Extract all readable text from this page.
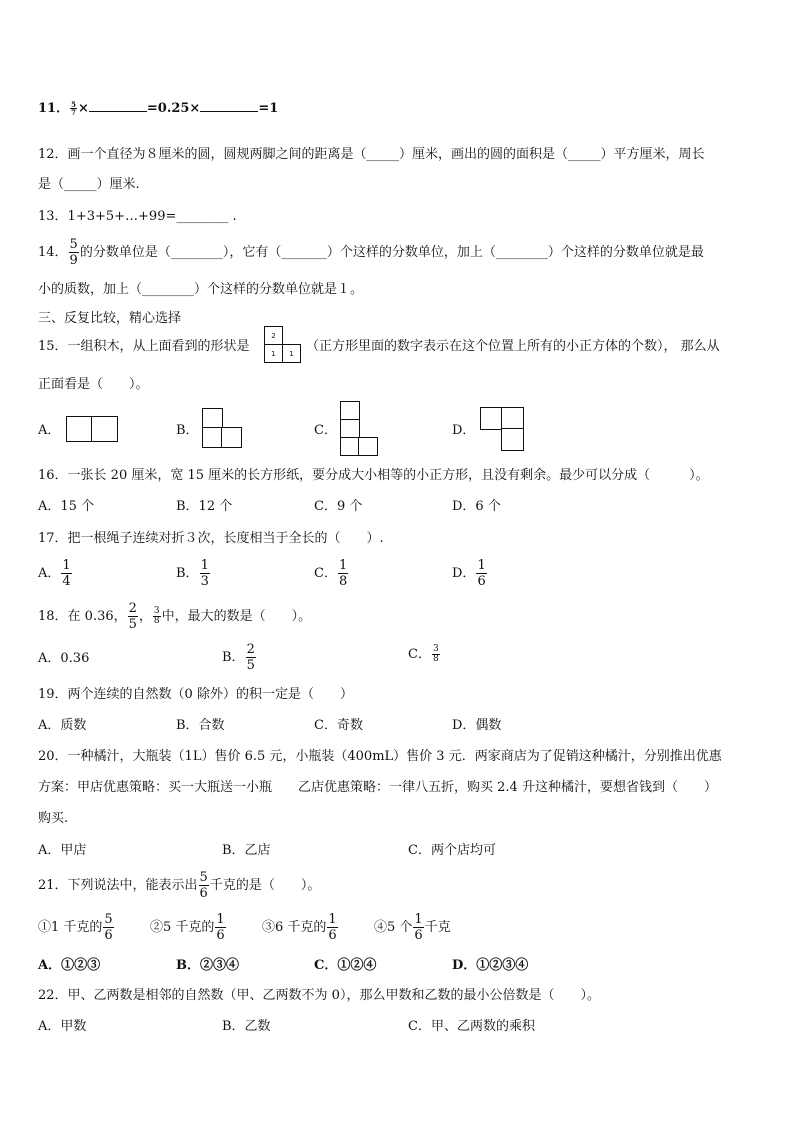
11． $\frac{5}{7}$ ×	=0.25×	=1
12．画一个直径为８厘米的圆，圆规两脚之间的距离是（_____）厘米，画出的圆的面积是（_____）平方厘米，周长
是（_____）厘米.
13．1+3+5+…+99=________ .
14． $\frac{5}{9}$ 的分数单位是（________），它有（_______）个这样的分数单位，加上（________）个这样的分数单位就是最
小的质数，加上（________）个这样的分数单位就是１。
三、反复比较，精心选择
15．一组积木，从上面看到的形状是
2
1	1 （正方形里面的数字表示在这个位置上所有的小正方体的个数）， 那么从
正面看是（　　）。
A．	B．	C．	D．
16．一张长 20 厘米，宽 15 厘米的长方形纸，要分成大小相等的小正方形，且没有剩余。最少可以分成（　　　）。
A．15 个	B．12 个	C．9 个	D．6 个
17．把一根绳子连续对折３次，长度相当于全长的（　　）.
A． $\frac{1}{4}$	B． $\frac{1}{3}$	C． $\frac{1}{8}$	D． $\frac{1}{6}$
18．在 0.36， $\frac{2}{5}$ ， $\frac{3}{8}$ 中，最大的数是（　　）。
A．0.36	B． $\frac{2}{5}$	C． $\frac{3}{8}$
19．两个连续的自然数（0 除外）的积一定是（　　）
A．质数	B．合数	C．奇数	D．偶数
20．一种橘汁，大瓶装（1L）售价 6.5 元，小瓶装（400mL）售价 3 元．两家商店为了促销这种橘汁，分别推出优惠
方案：甲店优惠策略：买一大瓶送一小瓶　　乙店优惠策略：一律八五折，购买 2.4 升这种橘汁，要想省钱到（　　）
购买.
A．甲店	B．乙店	C．两个店均可
21．下列说法中，能表示出 $\frac{5}{6}$ 千克的是（　　）。
①1 千克的 $\frac{5}{6}$	②5 千克的 $\frac{1}{6}$	③6 千克的 $\frac{1}{6}$	④5 个 $\frac{1}{6}$ 千克
A．①②③	B．②③④	C．①②④	D．①②③④
22．甲、乙两数是相邻的自然数（甲、乙两数不为 0），那么甲数和乙数的最小公倍数是（　　）。
A．甲数	B．乙数	C．甲、乙两数的乘积
